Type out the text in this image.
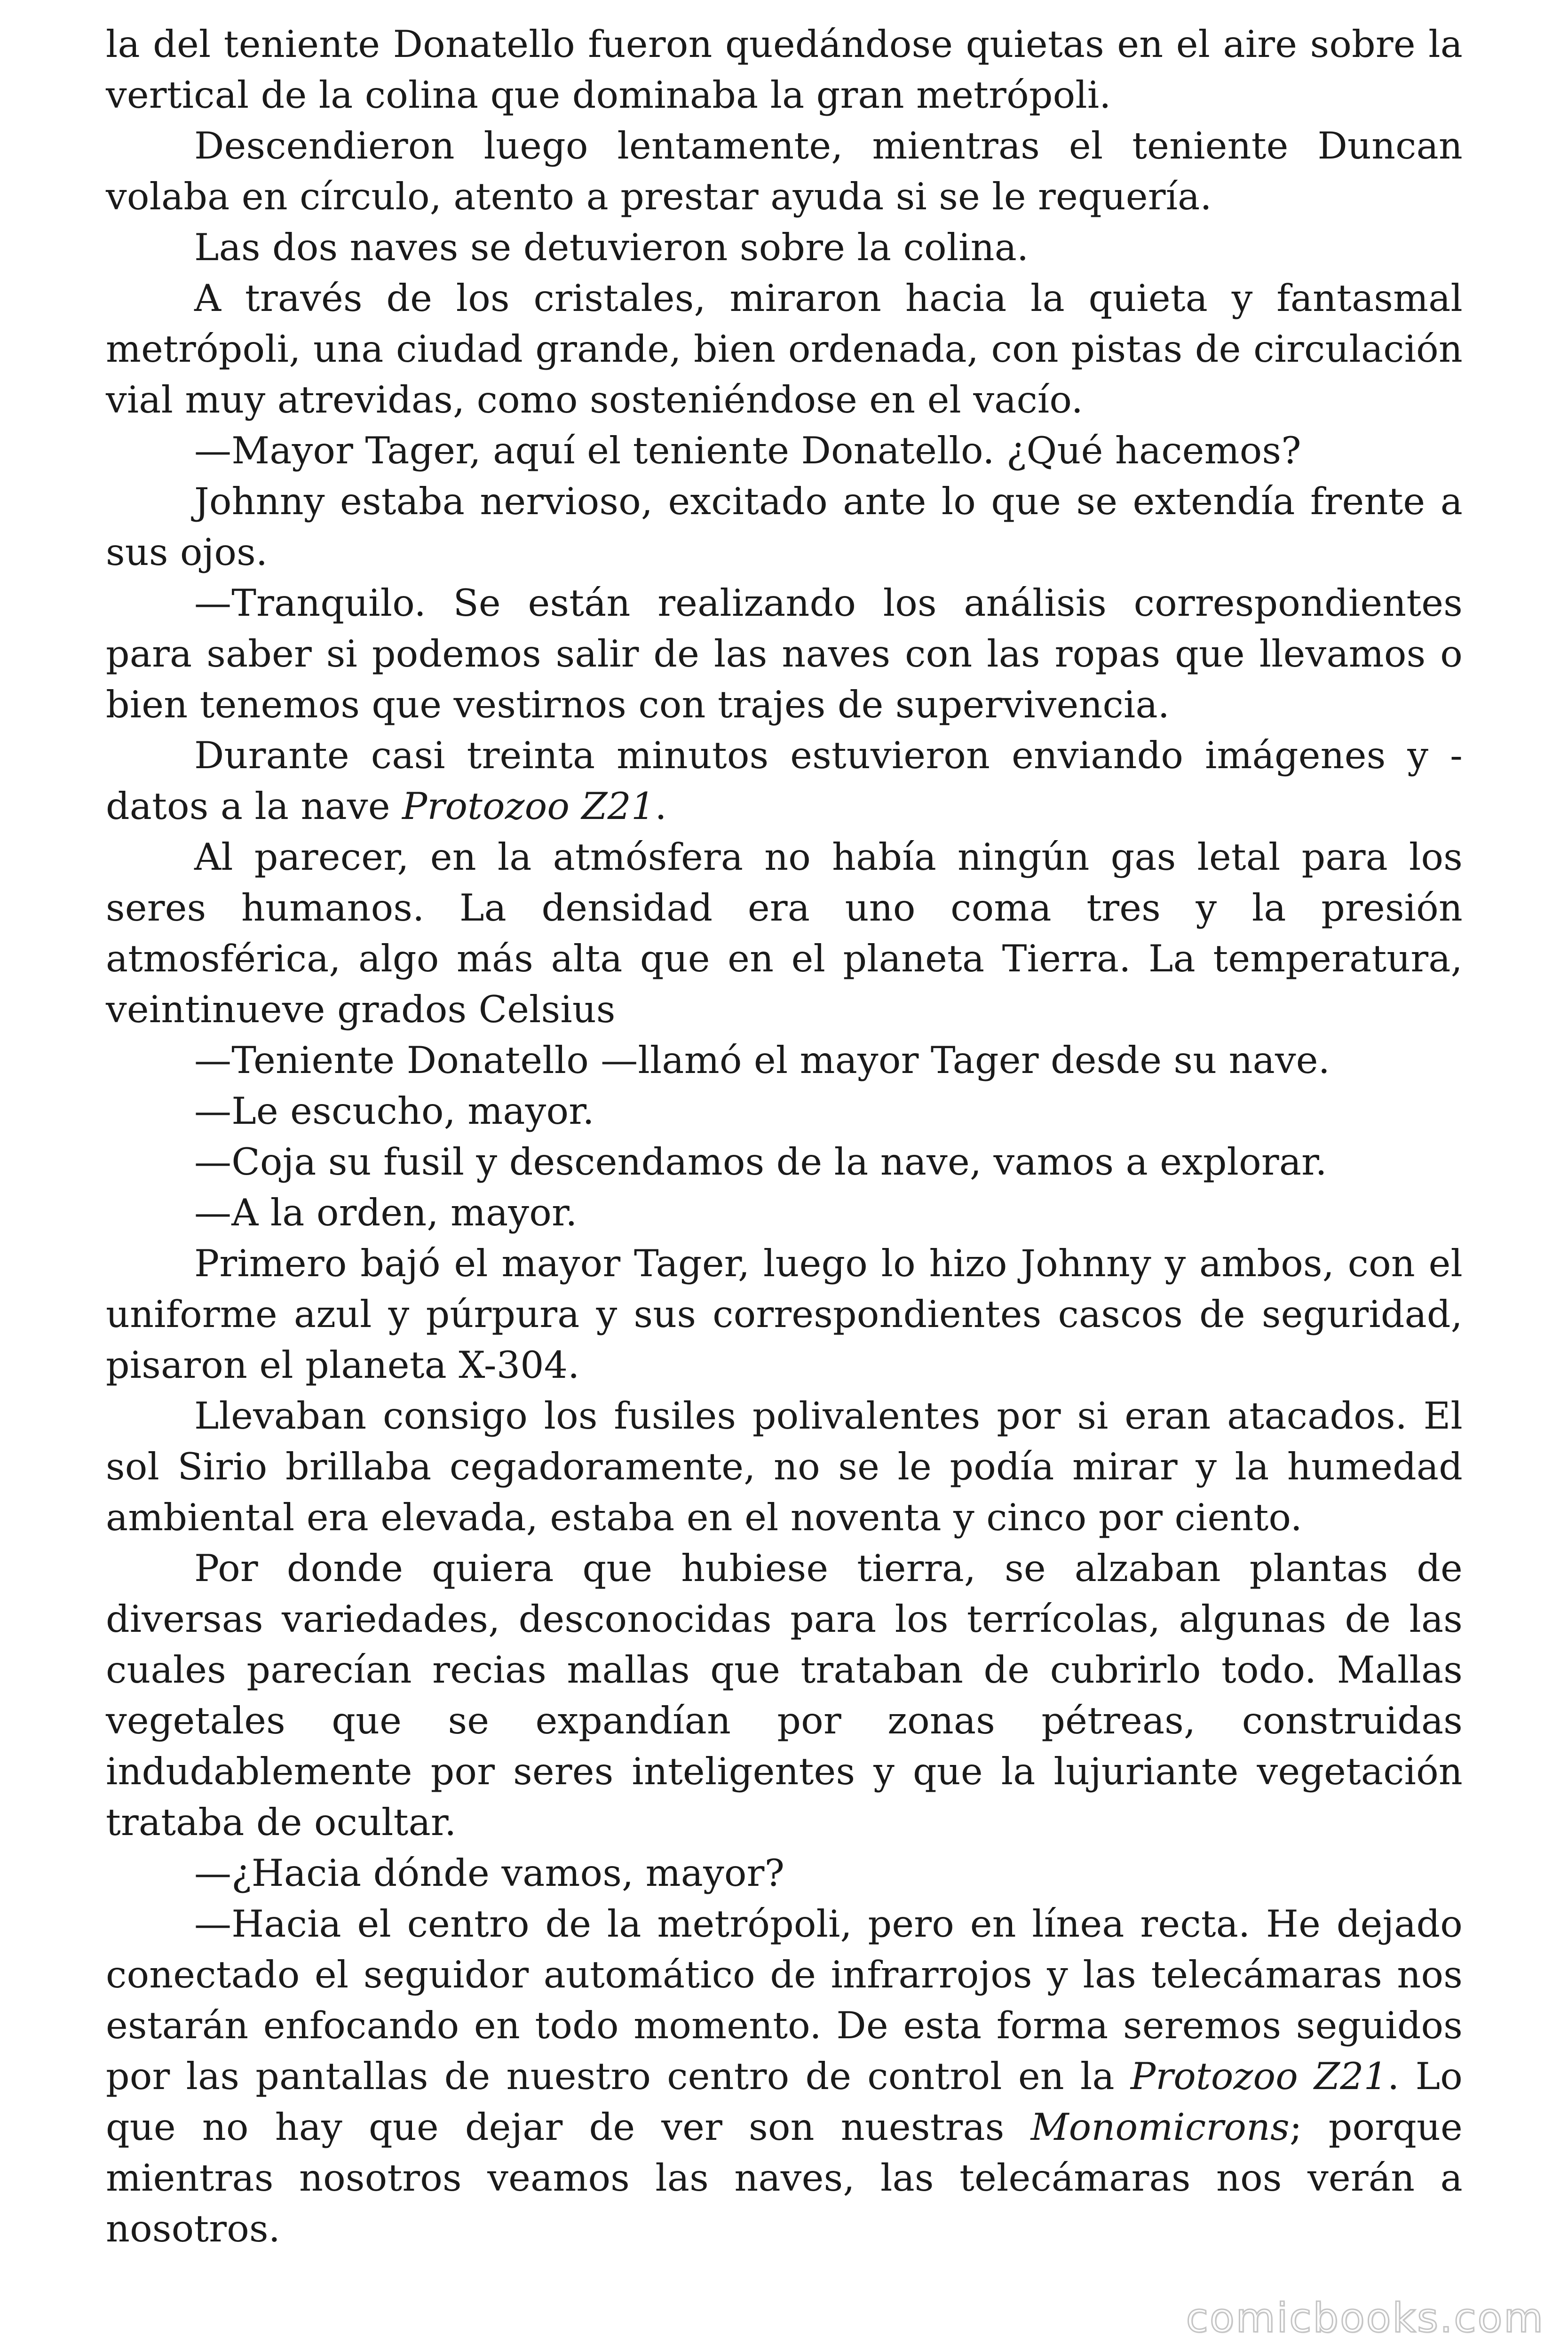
la del teniente Donatello fueron quedándose quietas en el aire sobre la vertical de la colina que dominaba la gran metrópoli.

Descendieron luego lentamente, mientras el teniente Duncan volaba en círculo, atento a prestar ayuda si se le requería.

Las dos naves se detuvieron sobre la colina.

A través de los cristales, miraron hacia la quieta y fantasmal metrópoli, una ciudad grande, bien ordenada, con pistas de circulación vial muy atrevidas, como sosteniéndose en el vacío.

—Mayor Tager, aquí el teniente Donatello. ¿Qué hacemos?

Johnny estaba nervioso, excitado ante lo que se extendía frente a sus ojos.

—Tranquilo. Se están realizando los análisis correspondientes para saber si podemos salir de las naves con las ropas que llevamos o bien tenemos que vestirnos con trajes de supervivencia.

Durante casi treinta minutos estuvieron enviando imágenes y -datos a la nave Protozoo Z21.

Al parecer, en la atmósfera no había ningún gas letal para los seres humanos. La densidad era uno coma tres y la presión atmosférica, algo más alta que en el planeta Tierra. La temperatura, veintinueve grados Celsius

—Teniente Donatello —llamó el mayor Tager desde su nave.

—Le escucho, mayor.

—Coja su fusil y descendamos de la nave, vamos a explorar.

—A la orden, mayor.

Primero bajó el mayor Tager, luego lo hizo Johnny y ambos, con el uniforme azul y púrpura y sus correspondientes cascos de seguridad, pisaron el planeta X-304.

Llevaban consigo los fusiles polivalentes por si eran atacados. El sol Sirio brillaba cegadoramente, no se le podía mirar y la humedad ambiental era elevada, estaba en el noventa y cinco por ciento.

Por donde quiera que hubiese tierra, se alzaban plantas de diversas variedades, desconocidas para los terrícolas, algunas de las cuales parecían recias mallas que trataban de cubrirlo todo. Mallas vegetales que se expandían por zonas pétreas, construidas indudablemente por seres inteligentes y que la lujuriante vegetación trataba de ocultar.

—¿Hacia dónde vamos, mayor?

—Hacia el centro de la metrópoli, pero en línea recta. He dejado conectado el seguidor automático de infrarrojos y las telecámaras nos estarán enfocando en todo momento. De esta forma seremos seguidos por las pantallas de nuestro centro de control en la Protozoo Z21. Lo que no hay que dejar de ver son nuestras Monomicrons; porque mientras nosotros veamos las naves, las telecámaras nos verán a nosotros.

comicbooks.com
